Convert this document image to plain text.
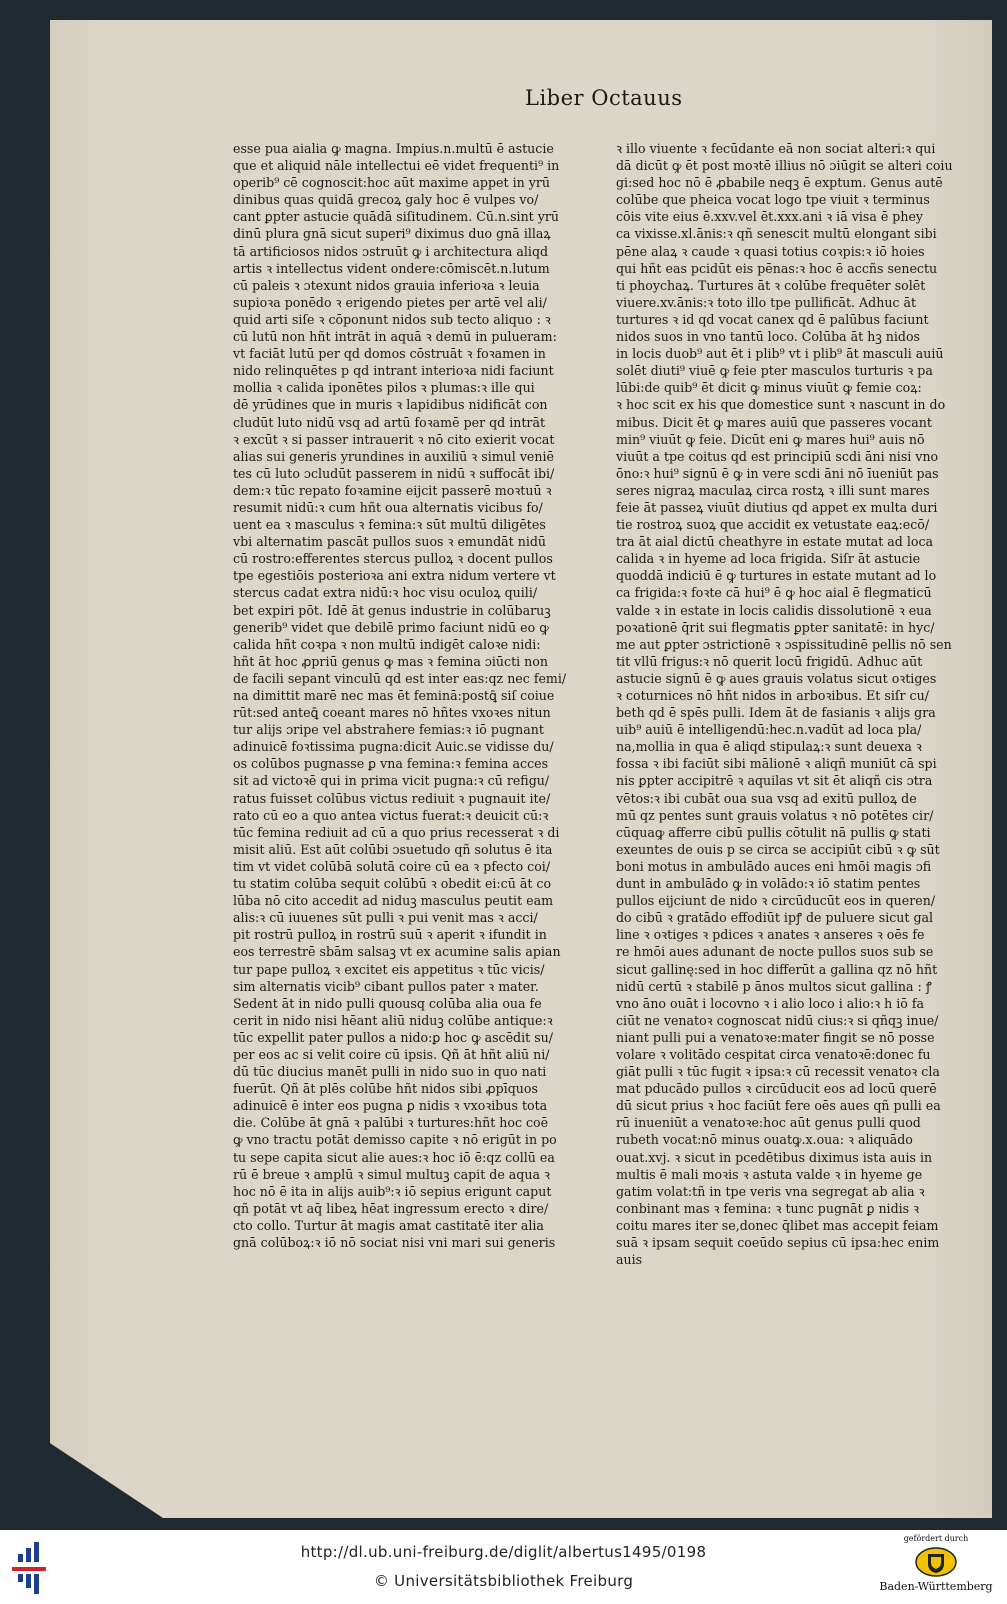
Liber Octauus
esse pua aialia ꝙ magna. Impius.n.multū ē astucie
que et aliquid nāle intellectui eē videt frequenti⁹ in
operib⁹ cē cognoscit:hoc aūt maxime appet in yrū
dinibus quas quidā grecoꝝ galy hoc ē vulpes vo/
cant ꝑpter astucie quādā siſitudinem. Cū.n.sint yrū
dinū plura gnā sicut superi⁹ diximus duo gnā illaꝝ
tā artificiosos nidos ɔstruūt ꝙ i architectura aliqd
artis ꝛ intellectus vident ondere:cōmiscēt.n.lutum
cū paleis ꝛ ɔtexunt nidos grauia inferioꝛa ꝛ leuia
supioꝛa ponēdo ꝛ erigendo pietes per artē vel ali/
quid arti siſe ꝛ cōponunt nidos sub tecto aliquo : ꝛ
cū lutū non hñt intrāt in aquā ꝛ demū in pulueram:
vt faciāt lutū per qd domos cōstruāt ꝛ foꝛamen in
nido relinquētes p qd intrant interioꝛa nidi faciunt
mollia ꝛ calida iponētes pilos ꝛ plumas:ꝛ ille qui
dē yrūdines que in muris ꝛ lapidibus nidificāt con
cludūt luto nidū vsq ad artū foꝛamē per qd intrāt
ꝛ excūt ꝛ si passer intrauerit ꝛ nō cito exierit vocat
alias sui generis yrundines in auxiliū ꝛ simul veniē
tes cū luto ɔcludūt passerem in nidū ꝛ suffocāt ibi/
dem:ꝛ tūc repato foꝛamine eijcit passerē moꝛtuū ꝛ
resumit nidū:ꝛ cum hñt oua alternatis vicibus fo/
uent ea ꝛ masculus ꝛ femina:ꝛ sūt multū diligētes
vbi alternatim pascāt pullos suos ꝛ emundāt nidū
cū rostro:efferentes stercus pulloꝝ ꝛ docent pullos
tpe egestiōis posterioꝛa ani extra nidum vertere vt
stercus cadat extra nidū:ꝛ hoc visu oculoꝝ quili/
bet expiri pōt. Idē āt genus industrie in colūbaruꝫ
generib⁹ videt que debilē primo faciunt nidū eo ꝙ
calida hñt coꝛpa ꝛ non multū indigēt caloꝛe nidi:
hñt āt hoc ꝓpriū genus ꝙ mas ꝛ femina ɔiūcti non
de facili sepant vinculū qd est inter eas:qz nec femi/
na dimittit marē nec mas ēt feminā:postꝗ̄ siſ coiue
rūt:sed anteꝗ̄ coeant mares nō hñtes vxoꝛes nitun
tur alijs ɔripe vel abstrahere femias:ꝛ iō pugnant
adinuicē foꝛtissima pugna:dicit Auic.se vidisse du/
os colūbos pugnasse ꝑ vna femina:ꝛ femina acces
sit ad victoꝛē qui in prima vicit pugna:ꝛ cū refigu/
ratus fuisset colūbus victus rediuit ꝛ pugnauit ite/
rato cū eo a quo antea victus fuerat:ꝛ deuicit cū:ꝛ
tūc femina rediuit ad cū a quo prius recesserat ꝛ di
misit aliū. Est aūt colūbi ɔsuetudo qñ solutus ē ita
tim vt videt colūbā solutā coire cū ea ꝛ pfecto coi/
tu statim colūba sequit colūbū ꝛ obedit ei:cū āt co
lūba nō cito accedit ad niduꝫ masculus peutit eam
alis:ꝛ cū iuuenes sūt pulli ꝛ pui venit mas ꝛ acci/
pit rostrū pulloꝝ in rostrū suū ꝛ aperit ꝛ ifundit in
eos terrestrē sbām salsaꝫ vt ex acumine salis apian
tur pape pulloꝝ ꝛ excitet eis appetitus ꝛ tūc vicis/
sim alternatis vicib⁹ cibant pullos pater ꝛ mater.
Sedent āt in nido pulli quousq colūba alia oua fe
cerit in nido nisi hēant aliū niduꝫ colūbe antique:ꝛ
tūc expellit pater pullos a nido:ꝑ hoc ꝙ ascēdit su/
per eos ac si velit coire cū ipsis. Qñ āt hñt aliū ni/
dū tūc diucius manēt pulli in nido suo in quo nati
fuerūt. Qñ āt plēs colūbe hñt nidos sibi ꝓpīquos
adinuicē ē inter eos pugna ꝑ nidis ꝛ vxoꝛibus tota
die. Colūbe āt gnā ꝛ palūbi ꝛ turtures:hñt hoc coē
ꝙ vno tractu potāt demisso capite ꝛ nō erigūt in po
tu sepe capita sicut alie aues:ꝛ hoc iō ē:qz collū ea
rū ē breue ꝛ amplū ꝛ simul multuꝫ capit de aqua ꝛ
hoc nō ē ita in alijs auib⁹:ꝛ iō sepius erigunt caput
qñ potāt vt aq̄ libeꝝ hēat ingressum erecto ꝛ dire/
cto collo. Turtur āt magis amat castitatē iter alia
gnā colūboꝝ:ꝛ iō nō sociat nisi vni mari sui generis
ꝛ illo viuente ꝛ fecūdante eā non sociat alteri:ꝛ qui
dā dicūt ꝙ ēt post moꝛtē illius nō ɔiūgit se alteri coiu
gi:sed hoc nō ē ꝓbabile neqꝫ ē exptum. Genus autē
colūbe que pheica vocat logo tpe viuit ꝛ terminus
cōis vite eius ē.xxv.vel ēt.xxx.ani ꝛ iā visa ē phey
ca vixisse.xl.ānis:ꝛ qñ senescit multū elongant sibi
pēne alaꝝ ꝛ caude ꝛ quasi totius coꝛpis:ꝛ iō hoies
qui hñt eas pcidūt eis pēnas:ꝛ hoc ē accñs senectu
ti phoychaꝝ. Turtures āt ꝛ colūbe frequēter solēt
viuere.xv.ānis:ꝛ toto illo tpe pullificāt. Adhuc āt
turtures ꝛ id qd vocat canex qd ē palūbus faciunt
nidos suos in vno tantū loco. Colūba āt hꝫ nidos
in locis duob⁹ aut ēt i plib⁹ vt i plib⁹ āt masculi auiū
solēt diuti⁹ viuē ꝙ feie pter masculos turturis ꝛ pa
lūbi:de quib⁹ ēt dicit ꝙ minus viuūt ꝙ femie coꝝ:
ꝛ hoc scit ex his que domestice sunt ꝛ nascunt in do
mibus. Dicit ēt ꝙ mares auiū que passeres vocant
min⁹ viuūt ꝙ feie. Dicūt eni ꝙ mares hui⁹ auis nō
viuūt a tpe coitus qd est principiū scdi āni nisi vno
ōno:ꝛ hui⁹ signū ē ꝙ in vere scdi āni nō īueniūt pas
seres nigraꝝ maculaꝝ circa rostꝝ ꝛ illi sunt mares
feie āt passeꝝ viuūt diutius qd appet ex multa duri
tie rostroꝝ suoꝝ que accidit ex vetustate eaꝝ:ecō/
tra āt aial dictū cheathyre in estate mutat ad loca
calida ꝛ in hyeme ad loca frigida. Siſr āt astucie
quoddā indiciū ē ꝙ turtures in estate mutant ad lo
ca frigida:ꝛ foꝛte cā hui⁹ ē ꝙ hoc aial ē flegmaticū
valde ꝛ in estate in locis calidis dissolutionē ꝛ eua
poꝛationē q̄rit sui flegmatis ꝑpter sanitatē: in hyc/
me aut ꝑpter ɔstrictionē ꝛ ɔspissitudinē pellis nō sen
tit vllū frigus:ꝛ nō querit locū frigidū. Adhuc aūt
astucie signū ē ꝙ aues grauis volatus sicut oꝛtiges
ꝛ coturnices nō hñt nidos in arboꝛibus. Et siſr cu/
beth qd ē spēs pulli. Idem āt de fasianis ꝛ alijs gra
uib⁹ auiū ē intelligendū:hec.n.vadūt ad loca pla/
na,mollia in qua ē aliqd stipulaꝝ:ꝛ sunt deuexa ꝛ
fossa ꝛ ibi faciūt sibi mālionē ꝛ aliqñ muniūt cā spi
nis ꝑpter accipitrē ꝛ aquilas vt sit ēt aliqñ cis ɔtra
vētos:ꝛ ibi cubāt oua sua vsq ad exitū pulloꝝ de
mū qz pentes sunt grauis volatus ꝛ nō potētes cir/
cūquaꝙ afferre cibū pullis cōtulit nā pullis ꝙ stati
exeuntes de ouis p se circa se accipiūt cibū ꝛ ꝙ sūt
boni motus in ambulādo auces eni hmōi magis ɔfi
dunt in ambulādo ꝙ in volādo:ꝛ iō statim pentes
pullos eijciunt de nido ꝛ circūducūt eos in queren/
do cibū ꝛ gratādo effodiūt ipꝭ de puluere sicut gal
line ꝛ oꝛtiges ꝛ pdices ꝛ anates ꝛ anseres ꝛ oēs fe
re hmōi aues adunant de nocte pullos suos sub se
sicut gallinę:sed in hoc differūt a gallina qz nō hñt
nidū certū ꝛ stabilē p ānos multos sicut gallina : ꝭ
vno āno ouāt i locovno ꝛ i alio loco i alio:ꝛ h iō fa
ciūt ne venatoꝛ cognoscat nidū cius:ꝛ si qñqꝫ inue/
niant pulli pui a venatoꝛe:mater fingit se nō posse
volare ꝛ volitādo cespitat circa venatoꝛē:donec fu
giāt pulli ꝛ tūc fugit ꝛ ipsa:ꝛ cū recessit venatoꝛ cla
mat pducādo pullos ꝛ circūducit eos ad locū querē
dū sicut prius ꝛ hoc faciūt fere oēs aues qñ pulli ea
rū inueniūt a venatoꝛe:hoc aūt genus pulli quod
rubeth vocat:nō minus ouatꝙ.x.oua: ꝛ aliquādo
ouat.xvj. ꝛ sicut in pcedētibus diximus ista auis in
multis ē mali moꝛis ꝛ astuta valde ꝛ in hyeme ge
gatim volat:tñ in tpe veris vna segregat ab alia ꝛ
conbinant mas ꝛ femina: ꝛ tunc pugnāt ꝑ nidis ꝛ
coitu mares iter se,donec q̄libet mas accepit feiam
suā ꝛ ipsam sequit coeūdo sepius cū ipsa:hec enim
auis
http://dl.ub.uni-freiburg.de/diglit/albertus1495/0198
© Universitätsbibliothek Freiburg
gefördert durch
Baden-Württemberg
